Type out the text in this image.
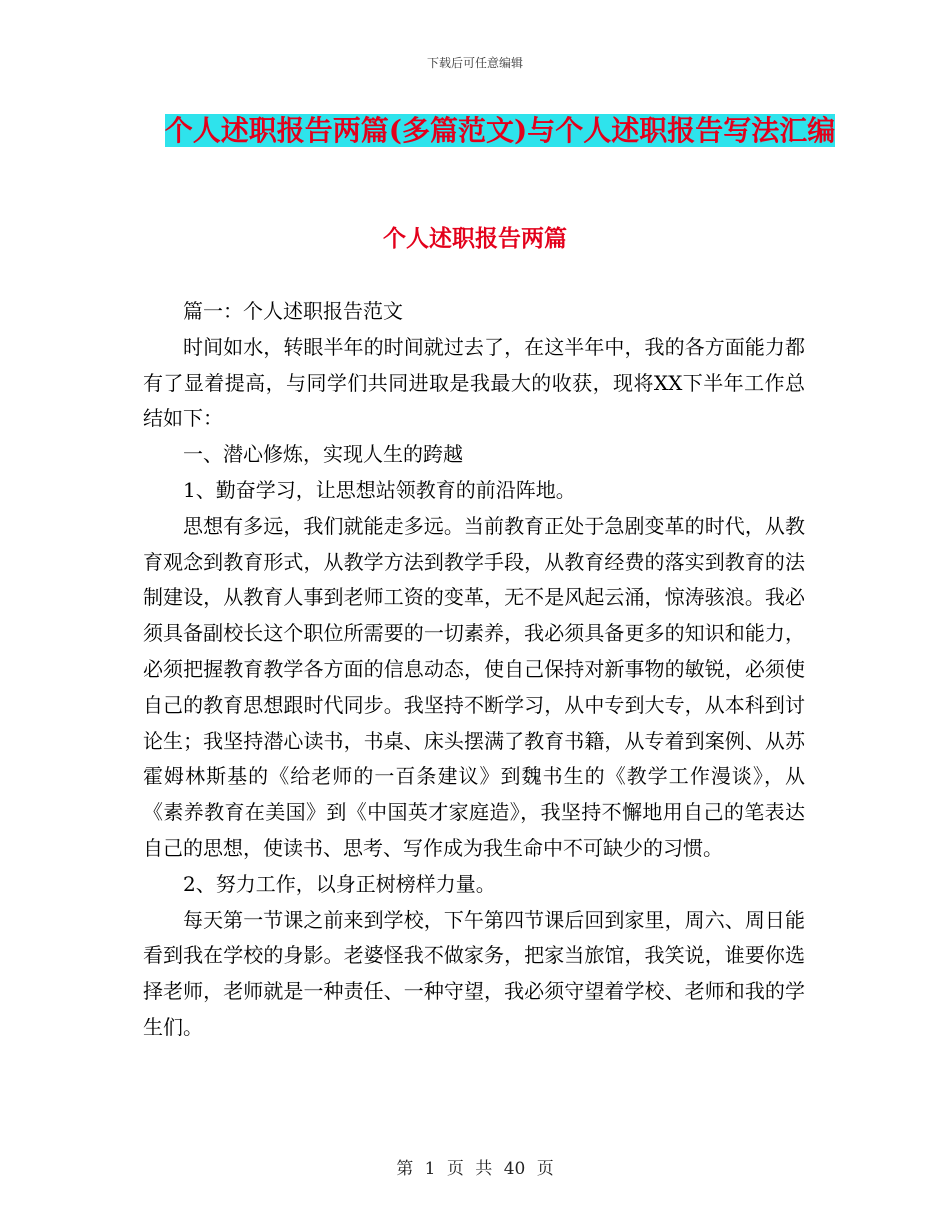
下载后可任意编辑
个人述职报告两篇(多篇范文)与个人述职报告写法汇编
个人述职报告两篇

篇一：个人述职报告范文

时间如水，转眼半年的时间就过去了，在这半年中，我的各方面能力都有了显着提高，与同学们共同进取是我最大的收获，现将XX下半年工作总结如下：

一、潜心修炼，实现人生的跨越

1、勤奋学习，让思想站领教育的前沿阵地。

思想有多远，我们就能走多远。当前教育正处于急剧变革的时代，从教育观念到教育形式，从教学方法到教学手段，从教育经费的落实到教育的法制建设，从教育人事到老师工资的变革，无不是风起云涌，惊涛骇浪。我必须具备副校长这个职位所需要的一切素养，我必须具备更多的知识和能力，必须把握教育教学各方面的信息动态，使自己保持对新事物的敏锐，必须使自己的教育思想跟时代同步。我坚持不断学习，从中专到大专，从本科到讨论生；我坚持潜心读书，书桌、床头摆满了教育书籍，从专着到案例、从苏霍姆林斯基的《给老师的一百条建议》到魏书生的《教学工作漫谈》，从《素养教育在美国》到《中国英才家庭造》，我坚持不懈地用自己的笔表达自己的思想，使读书、思考、写作成为我生命中不可缺少的习惯。

2、努力工作，以身正树榜样力量。

每天第一节课之前来到学校，下午第四节课后回到家里，周六、周日能看到我在学校的身影。老婆怪我不做家务，把家当旅馆，我笑说，谁要你选择老师，老师就是一种责任、一种守望，我必须守望着学校、老师和我的学生们。

第 1 页 共 40 页
